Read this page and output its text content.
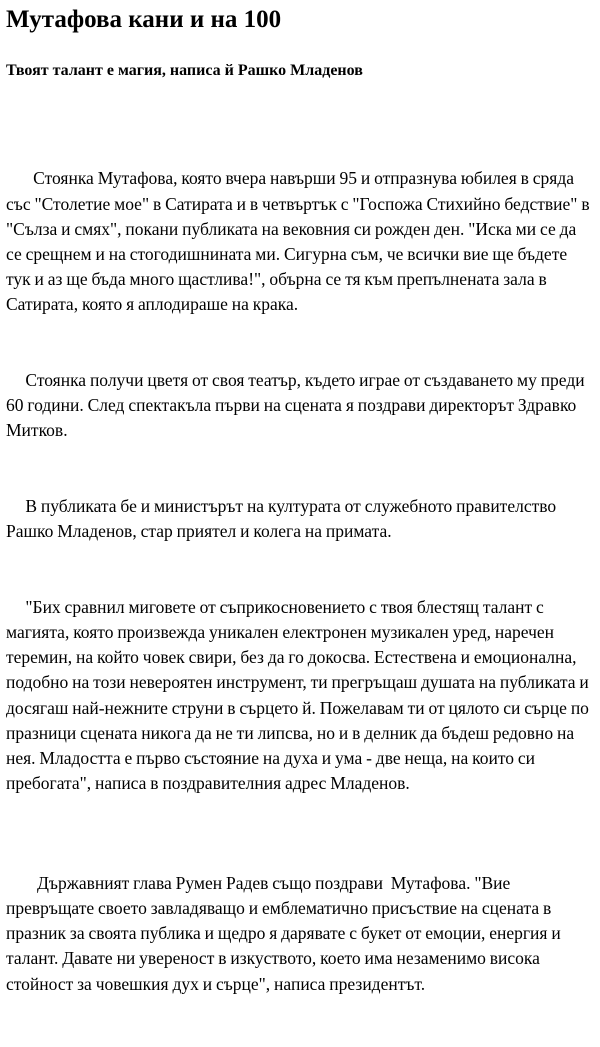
Мутафова кани и на 100
Твоят талант е магия, написа й Рашко Младенов

Стоянка Мутафова, която вчера навърши 95 и отпразнува юбилея в сряда със "Столетие мое" в Сатирата и в четвъртък с "Госпожа Стихийно бедствие" в "Сълза и смях", покани публиката на вековния си рожден ден. "Иска ми се да се срещнем и на стогодишнината ми. Сигурна съм, че всички вие ще бъдете тук и аз ще бъда много щастлива!", обърна се тя към препълнената зала в Сатирата, която я аплодираше на крака.

Стоянка получи цветя от своя театър, където играе от създаването му преди 60 години. След спектакъла първи на сцената я поздрави директорът Здравко Митков.

В публиката бе и министърът на културата от служебното правителство Рашко Младенов, стар приятел и колега на примата.

"Бих сравнил миговете от съприкосновението с твоя блестящ талант с магията, която произвежда уникален електронен музикален уред, наречен теремин, на който човек свири, без да го докосва. Естествена и емоционална, подобно на този невероятен инструмент, ти прегръщаш душата на публиката и досягаш най-нежните струни в сърцето й. Пожелавам ти от цялото си сърце по празници сцената никога да не ти липсва, но и в делник да бъдеш редовно на нея. Младостта е първо състояние на духа и ума - две неща, на които си пребогата", написа в поздравителния адрес Младенов.

Държавният глава Румен Радев също поздрави  Мутафова. "Вие превръщате своето завладяващо и емблематично присъствие на сцената в празник за своята публика и щедро я дарявате с букет от емоции, енергия и талант. Давате ни увереност в изкуството, което има незаменимо висока стойност за човешкия дух и сърце", написа президентът.
